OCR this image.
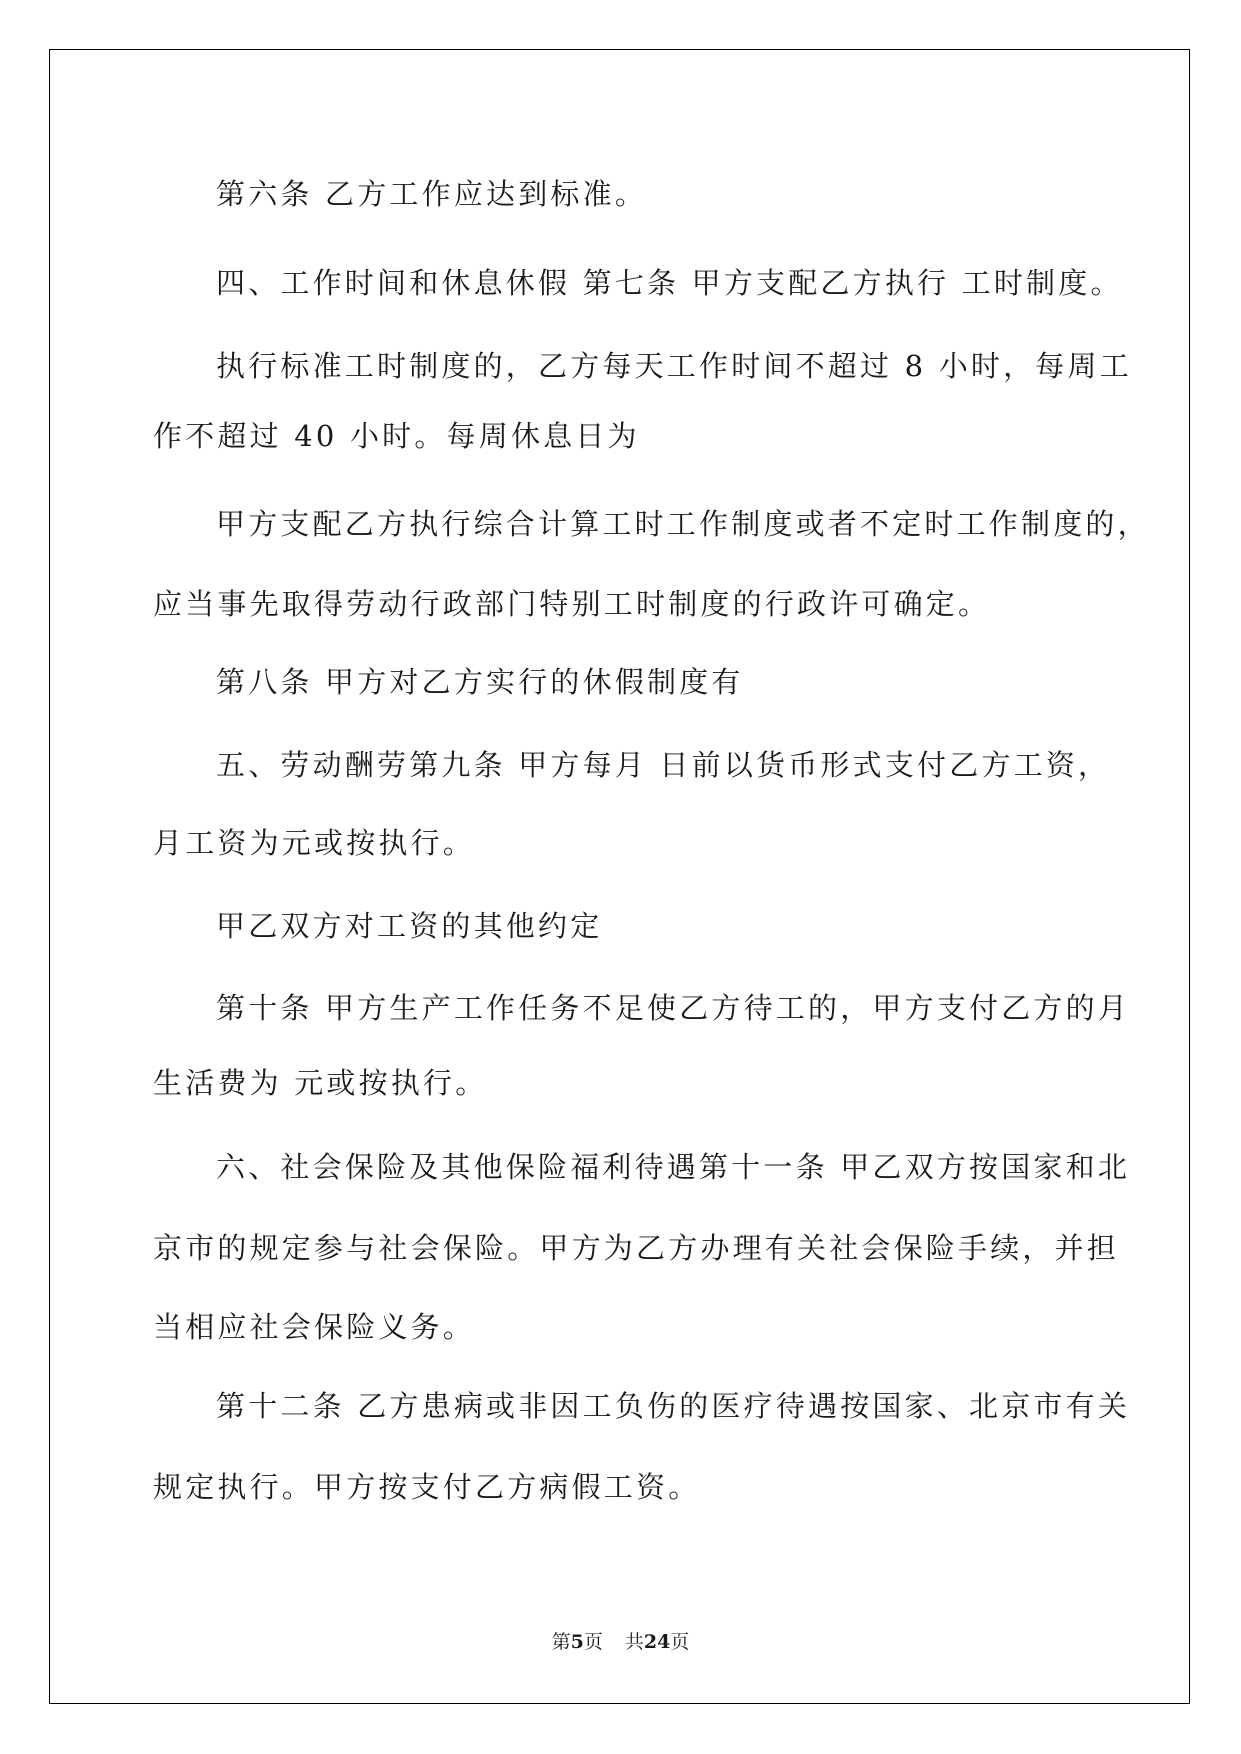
第六条 乙方工作应达到标准。
四、工作时间和休息休假 第七条 甲方支配乙方执行 工时制度。
执行标准工时制度的，乙方每天工作时间不超过 8 小时，每周工
作不超过 40 小时。每周休息日为
甲方支配乙方执行综合计算工时工作制度或者不定时工作制度的，
应当事先取得劳动行政部门特别工时制度的行政许可确定。
第八条 甲方对乙方实行的休假制度有
五、劳动酬劳第九条 甲方每月 日前以货币形式支付乙方工资，
月工资为元或按执行。
甲乙双方对工资的其他约定
第十条 甲方生产工作任务不足使乙方待工的，甲方支付乙方的月
生活费为 元或按执行。
六、社会保险及其他保险福利待遇第十一条 甲乙双方按国家和北
京市的规定参与社会保险。甲方为乙方办理有关社会保险手续，并担
当相应社会保险义务。
第十二条 乙方患病或非因工负伤的医疗待遇按国家、北京市有关
规定执行。甲方按支付乙方病假工资。
第5页 共24页
